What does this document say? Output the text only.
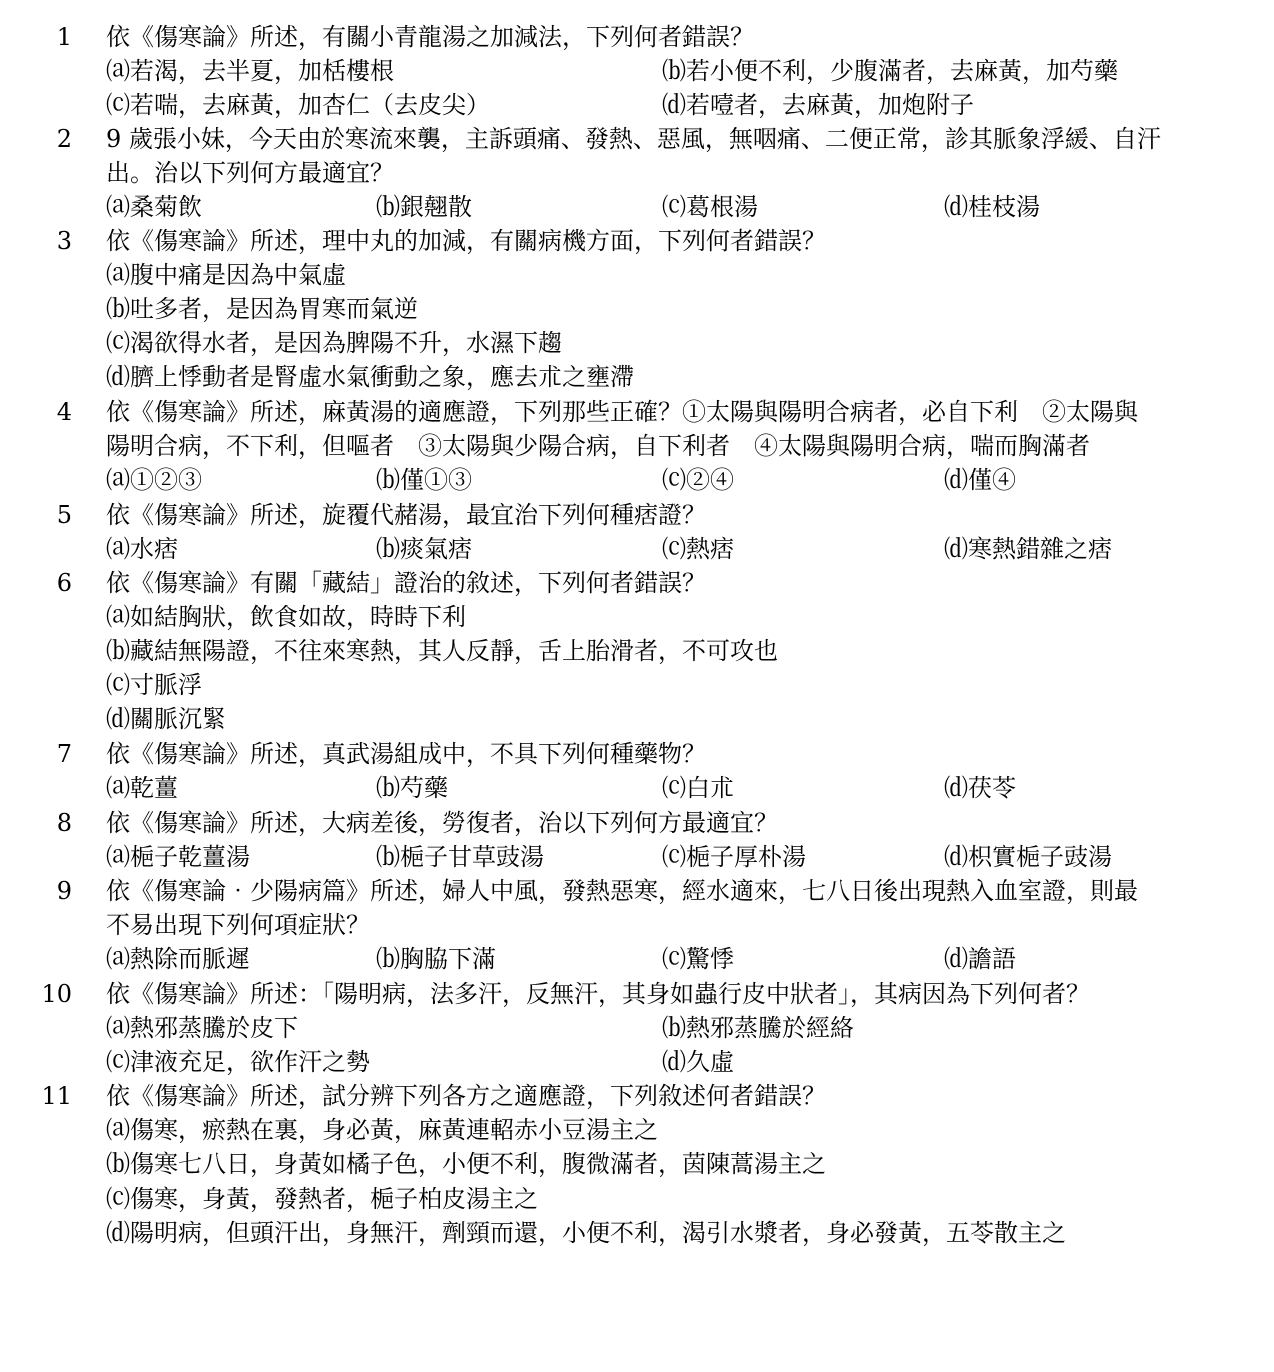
1 依《傷寒論》所述，有關小青龍湯之加減法，下列何者錯誤？
⒜若渴，去半夏，加栝樓根	⒝若小便不利，少腹滿者，去麻黃，加芍藥
⒞若喘，去麻黃，加杏仁（去皮尖）	⒟若噎者，去麻黃，加炮附子
2 9 歲張小妹，今天由於寒流來襲，主訴頭痛、發熱、惡風，無咽痛、二便正常，診其脈象浮緩、自汗
出。治以下列何方最適宜？
⒜桑菊飲	⒝銀翹散	⒞葛根湯	⒟桂枝湯
3 依《傷寒論》所述，理中丸的加減，有關病機方面，下列何者錯誤？
⒜腹中痛是因為中氣虛
⒝吐多者，是因為胃寒而氣逆
⒞渴欲得水者，是因為脾陽不升，水濕下趨
⒟臍上悸動者是腎虛水氣衝動之象，應去朮之壅滯
4 依《傷寒論》所述，麻黃湯的適應證，下列那些正確？①太陽與陽明合病者，必自下利　②太陽與
陽明合病，不下利，但嘔者　③太陽與少陽合病，自下利者　④太陽與陽明合病，喘而胸滿者
⒜①②③	⒝僅①③	⒞②④	⒟僅④
5 依《傷寒論》所述，旋覆代赭湯，最宜治下列何種痞證？
⒜水痞	⒝痰氣痞	⒞熱痞	⒟寒熱錯雜之痞
6 依《傷寒論》有關「藏結」證治的敘述，下列何者錯誤？
⒜如結胸狀，飲食如故，時時下利
⒝藏結無陽證，不往來寒熱，其人反靜，舌上胎滑者，不可攻也
⒞寸脈浮
⒟關脈沉緊
7 依《傷寒論》所述，真武湯組成中，不具下列何種藥物？
⒜乾薑	⒝芍藥	⒞白朮	⒟茯苓
8 依《傷寒論》所述，大病差後，勞復者，治以下列何方最適宜？
⒜梔子乾薑湯	⒝梔子甘草豉湯	⒞梔子厚朴湯	⒟枳實梔子豉湯
9 依《傷寒論‧少陽病篇》所述，婦人中風，發熱惡寒，經水適來，七八日後出現熱入血室證，則最
不易出現下列何項症狀？
⒜熱除而脈遲	⒝胸脇下滿	⒞驚悸	⒟譫語
10 依《傷寒論》所述：「陽明病，法多汗，反無汗，其身如蟲行皮中狀者」，其病因為下列何者？
⒜熱邪蒸騰於皮下	⒝熱邪蒸騰於經絡
⒞津液充足，欲作汗之勢	⒟久虛
11 依《傷寒論》所述，試分辨下列各方之適應證，下列敘述何者錯誤？
⒜傷寒，瘀熱在裏，身必黃，麻黃連軺赤小豆湯主之
⒝傷寒七八日，身黃如橘子色，小便不利，腹微滿者，茵陳蒿湯主之
⒞傷寒，身黃，發熱者，梔子柏皮湯主之
⒟陽明病，但頭汗出，身無汗，劑頸而還，小便不利，渴引水漿者，身必發黃，五苓散主之
